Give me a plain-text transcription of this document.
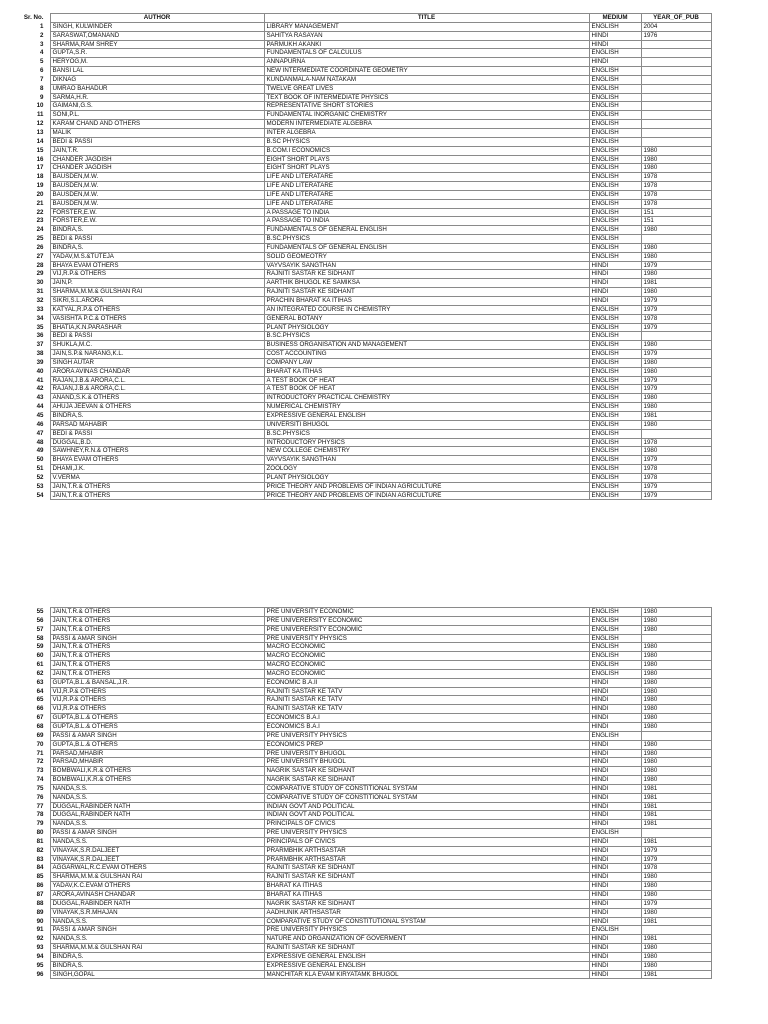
Sr. No.	AUTHOR	TITLE	MEDIUM	YEAR_OF_PUB
1	SINGH, KULWINDER	LIBRARY MANAGEMENT	ENGLISH	2004
2	SARASWAT,OMANAND	SAHITYA RASAYAN	HINDI	1976
3	SHARMA,RAM SHREY	PARMUKH AKANKI	HINDI	
4	GUPTA,S.R.	FUNDAMENTALS OF CALCULUS	ENGLISH	
5	HERYOG,M.	ANNAPURNA	HINDI	
6	BANSI LAL	NEW INTERMEDIATE COORDINATE GEOMETRY	ENGLISH	
7	DIKNAG	KUNDANMALA-NAM NATAKAM	ENGLISH	
8	UMRAO BAHADUR	TWELVE GREAT LIVES	ENGLISH	
9	SARMA,H.R.	TEXT BOOK OF INTERMEDIATE PHYSICS	ENGLISH	
10	GAIMANI,G.S.	REPRESENTATIVE SHORT STORIES	ENGLISH	
11	SONI,P.L.	FUNDAMENTAL INORGANIC CHEMISTRY	ENGLISH	
12	KARAM CHAND AND OTHERS	MODERN INTERMEDIATE ALGEBRA	ENGLISH	
13	MALIK	INTER ALGEBRA	ENGLISH	
14	BEDI & PASSI	B.SC PHYSICS	ENGLISH	
15	JAIN,T.R.	B.COM.I ECONOMICS	ENGLISH	1980
16	CHANDER JAGDISH	EIGHT SHORT PLAYS	ENGLISH	1980
17	CHANDER JAGDISH	EIGHT SHORT PLAYS	ENGLISH	1980
18	BAUSDEN,M.W.	LIFE AND LITERATARE	ENGLISH	1978
19	BAUSDEN,M.W.	LIFE AND LITERATARE	ENGLISH	1978
20	BAUSDEN,M.W.	LIFE AND LITERATARE	ENGLISH	1978
21	BAUSDEN,M.W.	LIFE AND LITERATARE	ENGLISH	1978
22	FORSTER,E.W.	A PASSAGE TO INDIA	ENGLISH	151
23	FORSTER,E.W.	A PASSAGE TO INDIA	ENGLISH	151
24	BINDRA,S.	FUNDAMENTALS OF GENERAL ENGLISH	ENGLISH	1980
25	BEDI & PASSI	B.SC.PHYSICS	ENGLISH	
26	BINDRA,S.	FUNDAMENTALS OF GENERAL ENGLISH	ENGLISH	1980
27	YADAV,M.S.&TUTEJA	SOLID GEOMEOTRY	ENGLISH	1980
28	BHAYA EVAM OTHERS	VAYVSAYIK SANGTHAN	HINDI	1979
29	VIJ,R.P.& OTHERS	RAJNITI SASTAR KE SIDHANT	HINDI	1980
30	JAIN,P.	AARTHIK BHUGOL KE SAMIKSA	HINDI	1981
31	SHARMA,M.M.& GULSHAN RAI	RAJNITI SASTAR KE SIDHANT	HINDI	1980
32	SIKRI,S.L.ARORA	PRACHIN BHARAT KA ITIHAS	HINDI	1979
33	KATYAL,R.P.& OTHERS	AN INTEGRATED COURSE IN CHEMISTRY	ENGLISH	1979
34	VASISHTA P.C.& OTHERS	GENERAL BOTANY	ENGLISH	1978
35	BHATIA,K.N.PARASHAR	PLANT PHYSIOLOGY	ENGLISH	1979
36	BEDI & PASSI	B.SC.PHYSICS	ENGLISH	
37	SHUKLA,M.C.	BUSINESS ORGANISATION AND MANAGEMENT	ENGLISH	1980
38	JAIN,S.P.& NARANG,K.L.	COST ACCOUNTING	ENGLISH	1979
39	SINGH AUTAR	COMPANY LAW	ENGLISH	1980
40	ARORA AVINAS CHANDAR	BHARAT KA ITIHAS	ENGLISH	1980
41	RAJAN,J.B.& ARORA,C.L.	A TEST BOOK OF HEAT	ENGLISH	1979
42	RAJAN,J.B.& ARORA,C.L.	A TEST BOOK OF HEAT	ENGLISH	1979
43	ANAND,S.K.& OTHERS	INTRODUCTORY PRACTICAL CHEMISTRY	ENGLISH	1980
44	AHUJA JEEVAN & OTHERS	NUMERICAL CHEMISTRY	ENGLISH	1980
45	BINDRA,S.	EXPRESSIVE GENERAL ENGLISH	ENGLISH	1981
46	PARSAD MAHABIR	UNIVERSITI BHUGOL	ENGLISH	1980
47	BEDI & PASSI	B.SC.PHYSICS	ENGLISH	
48	DUGGAL,B.D.	INTRODUCTORY PHYSICS	ENGLISH	1978
49	SAWHNEY,R.N.& OTHERS	NEW COLLEGE CHEMISTRY	ENGLISH	1980
50	BHAYA EVAM OTHERS	VAYVSAYIK SANGTHAN	ENGLISH	1979
51	DHAMI,J.K.	ZOOLOGY	ENGLISH	1978
52	V.VERMA	PLANT PHYSIOLOGY	ENGLISH	1978
53	JAIN,T.R.& OTHERS	PRICE THEORY AND PROBLEMS OF INDIAN AGRICULTURE	ENGLISH	1979
54	JAIN,T.R.& OTHERS	PRICE THEORY AND PROBLEMS OF INDIAN AGRICULTURE	ENGLISH	1979
55	JAIN,T.R.& OTHERS	PRE UNIVERSITY ECONOMIC	ENGLISH	1980
56	JAIN,T.R.& OTHERS	PRE UNIVERERSITY ECONOMIC	ENGLISH	1980
57	JAIN,T.R.& OTHERS	PRE UNIVERERSITY ECONOMIC	ENGLISH	1980
58	PASSI & AMAR SINGH	PRE UNIVERSITY PHYSICS	ENGLISH	
59	JAIN,T.R.& OTHERS	MACRO ECONOMIC	ENGLISH	1980
60	JAIN,T.R.& OTHERS	MACRO ECONOMIC	ENGLISH	1980
61	JAIN,T.R.& OTHERS	MACRO ECONOMIC	ENGLISH	1980
62	JAIN,T.R.& OTHERS	MACRO ECONOMIC	ENGLISH	1980
63	GUPTA,B.L.& BANSAL,J.R.	ECONOMIC B.A.II	HINDI	1980
64	VIJ,R.P.& OTHERS	RAJNITI SASTAR KE TATV	HINDI	1980
65	VIJ,R.P.& OTHERS	RAJNITI SASTAR KE TATV	HINDI	1980
66	VIJ,R.P.& OTHERS	RAJNITI SASTAR KE TATV	HINDI	1980
67	GUPTA,B.L.& OTHERS	ECONOMICS B.A.I	HINDI	1980
68	GUPTA,B.L.& OTHERS	ECONOMICS B.A.I	HINDI	1980
69	PASSI & AMAR SINGH	PRE UNIVERSITY PHYSICS	ENGLISH	
70	GUPTA,B.L.& OTHERS	ECONOMICS PREP	HINDI	1980
71	PARSAD,MHABIR	PRE UNIVERSITY BHUGOL	HINDI	1980
72	PARSAD,MHABIR	PRE UNIVERSITY BHUGOL	HINDI	1980
73	BOMBWALI,K.R.& OTHERS	NAGRIK SASTAR KE SIDHANT	HINDI	1980
74	BOMBWALI,K.R.& OTHERS	NAGRIK SASTAR KE SIDHANT	HINDI	1980
75	NANDA,S.S.	COMPARATIVE STUDY OF CONSTITIONAL SYSTAM	HINDI	1981
76	NANDA,S.S.	COMPARATIVE STUDY OF CONSTITIONAL SYSTAM	HINDI	1981
77	DUGGAL,RABINDER NATH	INDIAN GOVT AND POLITICAL	HINDI	1981
78	DUGGAL,RABINDER NATH	INDIAN GOVT AND POLITICAL	HINDI	1981
79	NANDA,S.S.	PRINCIPALS OF CIVICS	HINDI	1981
80	PASSI & AMAR SINGH	PRE UNIVERSITY PHYSICS	ENGLISH	
81	NANDA,S.S.	PRINCIPALS OF CIVICS	HINDI	1981
82	VINAYAK,S.R.DALJEET	PRARMBHIK ARTHSASTAR	HINDI	1979
83	VINAYAK,S.R.DALJEET	PRARMBHIK ARTHSASTAR	HINDI	1979
84	AGGARWAL,R.C.EVAM OTHERS	RAJNITI SASTAR KE SIDHANT	HINDI	1978
85	SHARMA,M.M.& GULSHAN RAI	RAJNITI SASTAR KE SIDHANT	HINDI	1980
86	YADAV,K.C.EVAM OTHERS	BHARAT KA ITIHAS	HINDI	1980
87	ARORA,AVINASH CHANDAR	BHARAT KA ITIHAS	HINDI	1980
88	DUGGAL,RABINDER NATH	NAGRIK SASTAR KE SIDHANT	HINDI	1979
89	VINAYAK,S.R.MHAJAN	AADHUNIK ARTHSASTAR	HINDI	1980
90	NANDA,S.S.	COMPARATIVE STUDY OF CONSTITUTIONAL SYSTAM	HINDI	1981
91	PASSI & AMAR SINGH	PRE UNIVERSITY PHYSICS	ENGLISH	
92	NANDA,S.S.	NATURE AND ORGANIZATION OF GOVERMENT	HINDI	1981
93	SHARMA,M.M.& GULSHAN RAI	RAJNITI SASTAR KE SIDHANT	HINDI	1980
94	BINDRA,S.	EXPRESSIVE GENERAL ENGLISH	HINDI	1980
95	BINDRA,S.	EXPRESSIVE GENERAL ENGLISH	HINDI	1980
96	SINGH,GOPAL	MANCHITAR KLA EVAM KIRYATAMK BHUGOL	HINDI	1981
